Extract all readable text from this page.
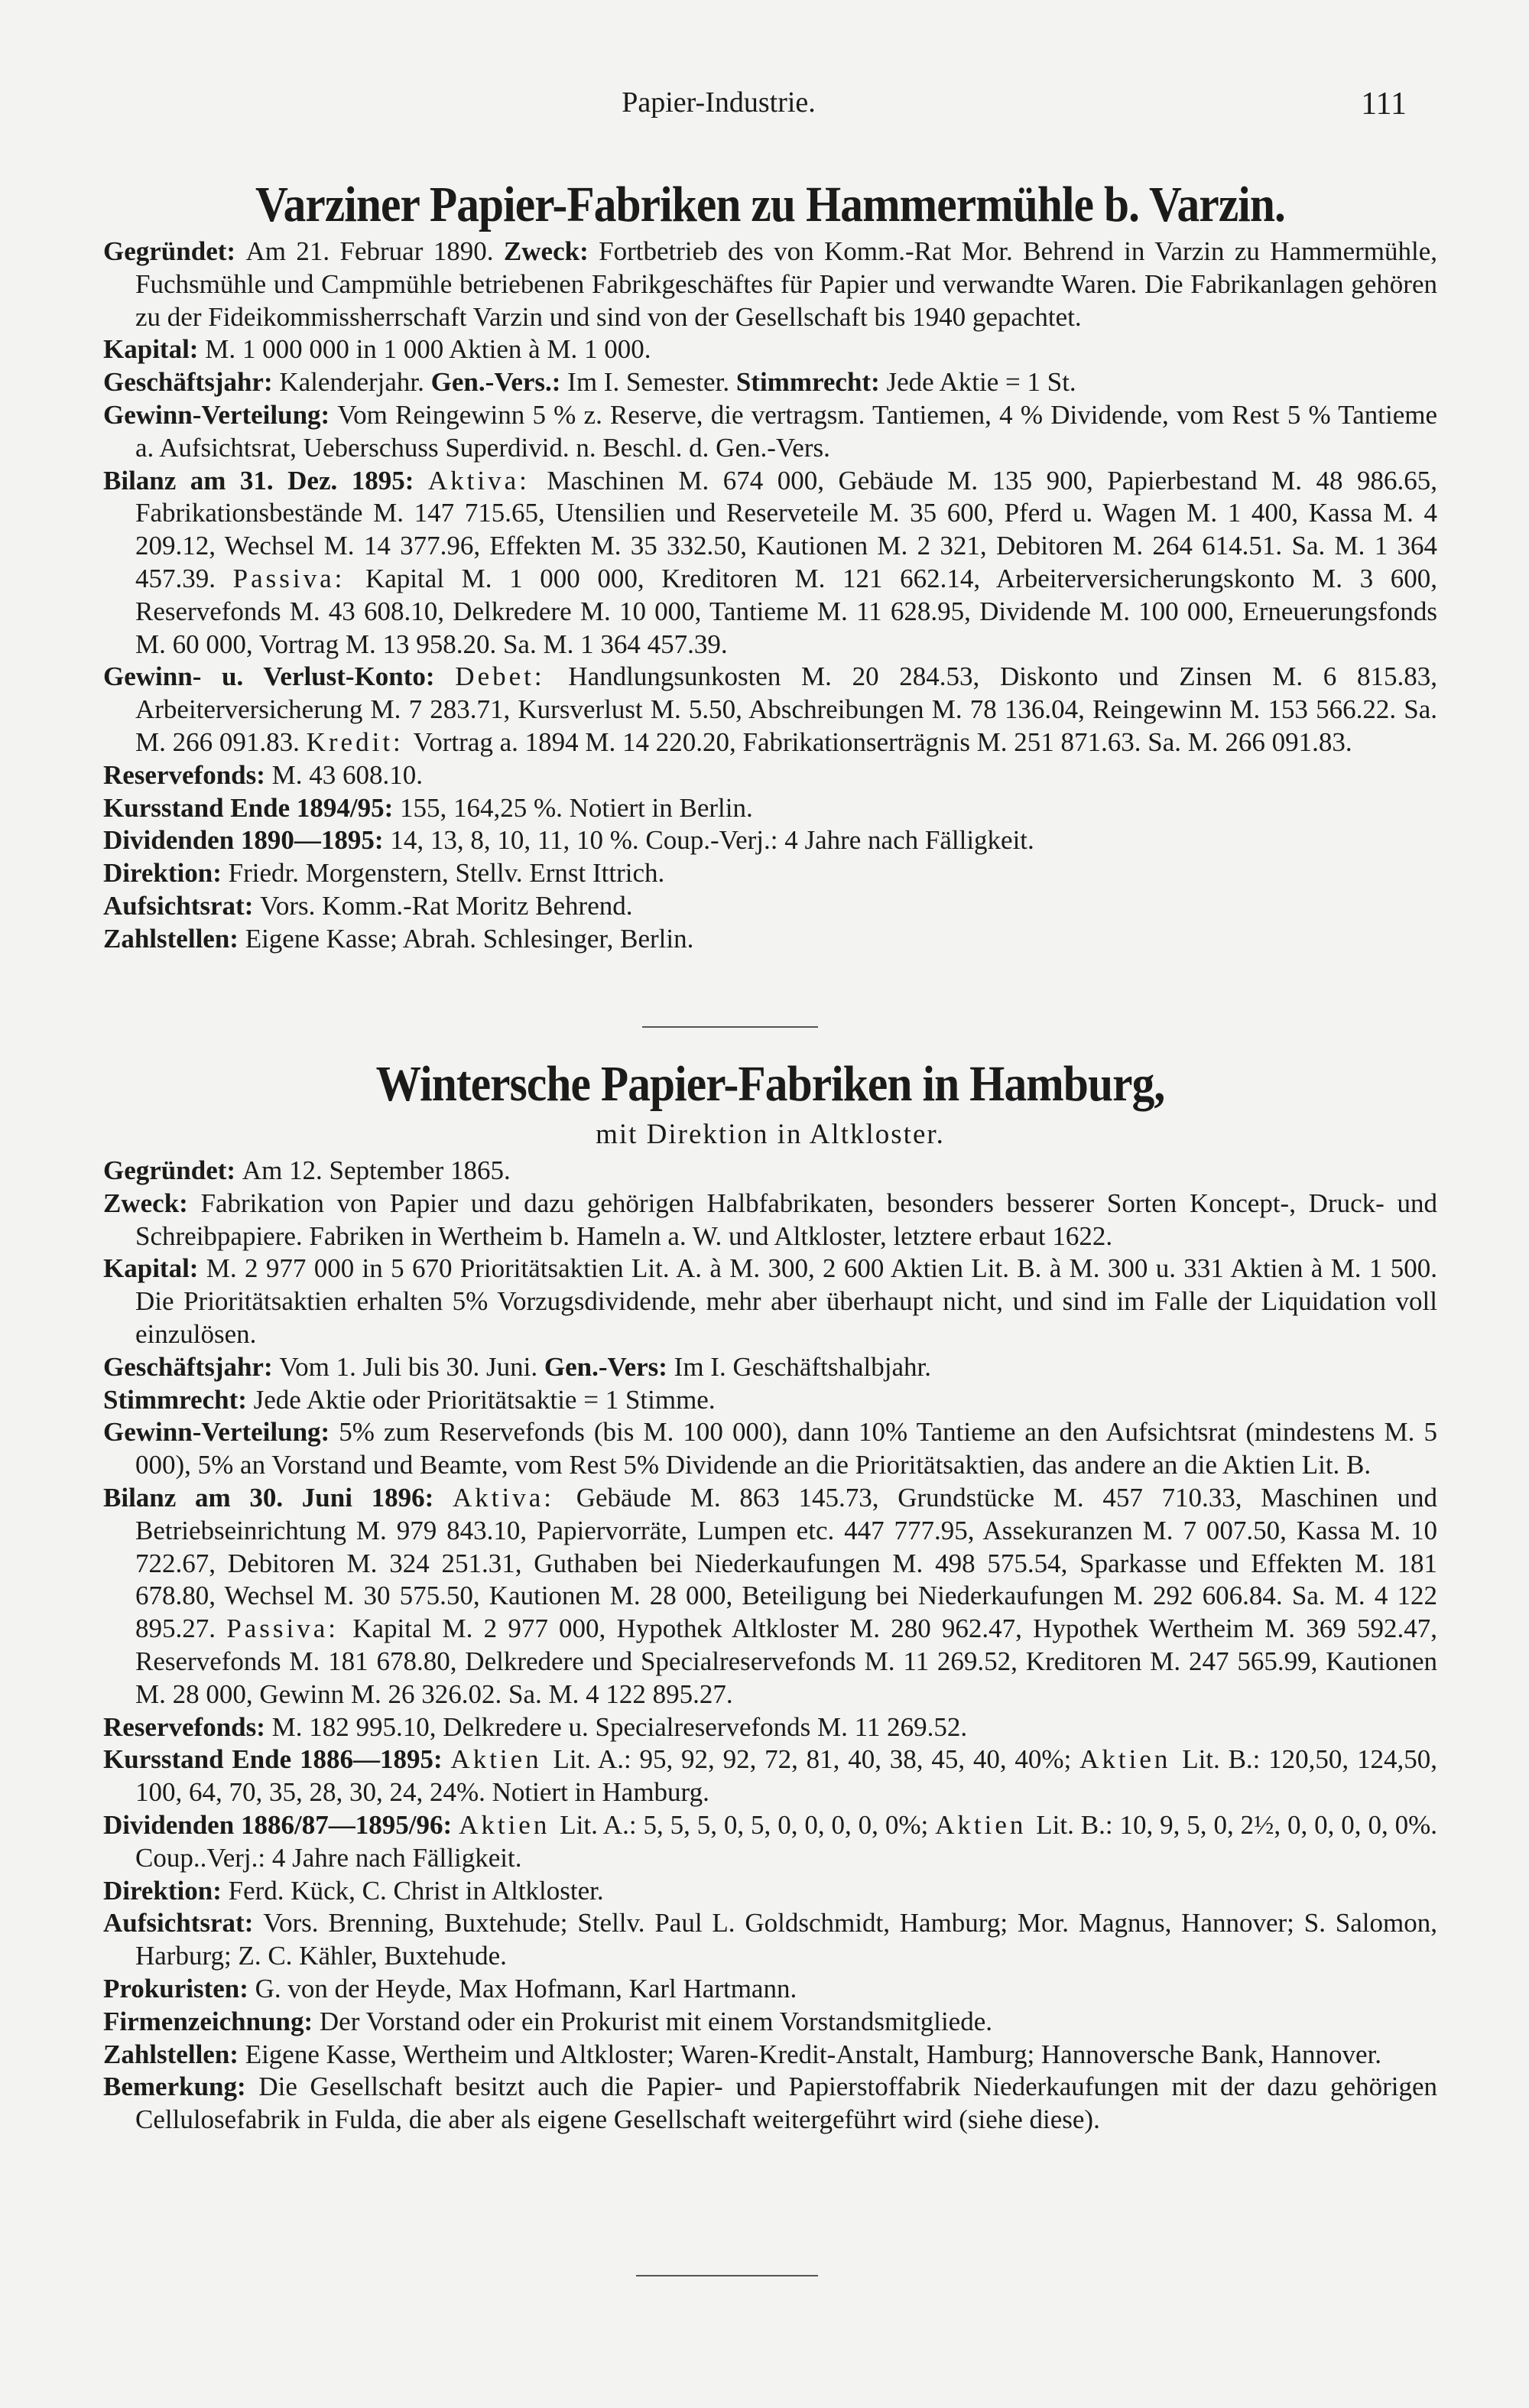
Papier-Industrie.	111
Varziner Papier-Fabriken zu Hammermühle b. Varzin.

Gegründet: Am 21. Februar 1890. Zweck: Fortbetrieb des von Komm.-Rat Mor. Behrend in Varzin zu Hammermühle, Fuchsmühle und Campmühle betriebenen Fabrikgeschäftes für Papier und verwandte Waren. Die Fabrikanlagen gehören zu der Fideikommissherrschaft Varzin und sind von der Gesellschaft bis 1940 gepachtet.

Kapital: M. 1 000 000 in 1 000 Aktien à M. 1 000.

Geschäftsjahr: Kalenderjahr. Gen.-Vers.: Im I. Semester. Stimmrecht: Jede Aktie = 1 St.

Gewinn-Verteilung: Vom Reingewinn 5 % z. Reserve, die vertragsm. Tantiemen, 4 % Dividende, vom Rest 5 % Tantieme a. Aufsichtsrat, Ueberschuss Superdivid. n. Beschl. d. Gen.-Vers.

Bilanz am 31. Dez. 1895: Aktiva: Maschinen M. 674 000, Gebäude M. 135 900, Papierbestand M. 48 986.65, Fabrikationsbestände M. 147 715.65, Utensilien und Reserveteile M. 35 600, Pferd u. Wagen M. 1 400, Kassa M. 4 209.12, Wechsel M. 14 377.96, Effekten M. 35 332.50, Kautionen M. 2 321, Debitoren M. 264 614.51. Sa. M. 1 364 457.39. Passiva: Kapital M. 1 000 000, Kreditoren M. 121 662.14, Arbeiterversicherungskonto M. 3 600, Reservefonds M. 43 608.10, Delkredere M. 10 000, Tantieme M. 11 628.95, Dividende M. 100 000, Erneuerungsfonds M. 60 000, Vortrag M. 13 958.20. Sa. M. 1 364 457.39.

Gewinn- u. Verlust-Konto: Debet: Handlungsunkosten M. 20 284.53, Diskonto und Zinsen M. 6 815.83, Arbeiterversicherung M. 7 283.71, Kursverlust M. 5.50, Abschreibungen M. 78 136.04, Reingewinn M. 153 566.22. Sa. M. 266 091.83. Kredit: Vortrag a. 1894 M. 14 220.20, Fabrikationserträgnis M. 251 871.63. Sa. M. 266 091.83.

Reservefonds: M. 43 608.10.

Kursstand Ende 1894/95: 155, 164,25 %. Notiert in Berlin.

Dividenden 1890—1895: 14, 13, 8, 10, 11, 10 %. Coup.-Verj.: 4 Jahre nach Fälligkeit.

Direktion: Friedr. Morgenstern, Stellv. Ernst Ittrich.

Aufsichtsrat: Vors. Komm.-Rat Moritz Behrend.

Zahlstellen: Eigene Kasse; Abrah. Schlesinger, Berlin.

Wintersche Papier-Fabriken in Hamburg,
mit Direktion in Altkloster.

Gegründet: Am 12. September 1865.

Zweck: Fabrikation von Papier und dazu gehörigen Halbfabrikaten, besonders besserer Sorten Koncept-, Druck- und Schreibpapiere. Fabriken in Wertheim b. Hameln a. W. und Altkloster, letztere erbaut 1622.

Kapital: M. 2 977 000 in 5 670 Prioritätsaktien Lit. A. à M. 300, 2 600 Aktien Lit. B. à M. 300 u. 331 Aktien à M. 1 500. Die Prioritätsaktien erhalten 5% Vorzugsdividende, mehr aber überhaupt nicht, und sind im Falle der Liquidation voll einzulösen.

Geschäftsjahr: Vom 1. Juli bis 30. Juni. Gen.-Vers: Im I. Geschäftshalbjahr.

Stimmrecht: Jede Aktie oder Prioritätsaktie = 1 Stimme.

Gewinn-Verteilung: 5% zum Reservefonds (bis M. 100 000), dann 10% Tantieme an den Aufsichtsrat (mindestens M. 5 000), 5% an Vorstand und Beamte, vom Rest 5% Dividende an die Prioritätsaktien, das andere an die Aktien Lit. B.

Bilanz am 30. Juni 1896: Aktiva: Gebäude M. 863 145.73, Grundstücke M. 457 710.33, Maschinen und Betriebseinrichtung M. 979 843.10, Papiervorräte, Lumpen etc. 447 777.95, Assekuranzen M. 7 007.50, Kassa M. 10 722.67, Debitoren M. 324 251.31, Guthaben bei Niederkaufungen M. 498 575.54, Sparkasse und Effekten M. 181 678.80, Wechsel M. 30 575.50, Kautionen M. 28 000, Beteiligung bei Niederkaufungen M. 292 606.84. Sa. M. 4 122 895.27. Passiva: Kapital M. 2 977 000, Hypothek Altkloster M. 280 962.47, Hypothek Wertheim M. 369 592.47, Reservefonds M. 181 678.80, Delkredere und Specialreservefonds M. 11 269.52, Kreditoren M. 247 565.99, Kautionen M. 28 000, Gewinn M. 26 326.02. Sa. M. 4 122 895.27.

Reservefonds: M. 182 995.10, Delkredere u. Specialreservefonds M. 11 269.52.

Kursstand Ende 1886—1895: Aktien Lit. A.: 95, 92, 92, 72, 81, 40, 38, 45, 40, 40%; Aktien Lit. B.: 120,50, 124,50, 100, 64, 70, 35, 28, 30, 24, 24%. Notiert in Hamburg.

Dividenden 1886/87—1895/96: Aktien Lit. A.: 5, 5, 5, 0, 5, 0, 0, 0, 0, 0%; Aktien Lit. B.: 10, 9, 5, 0, 2½, 0, 0, 0, 0, 0%. Coup..Verj.: 4 Jahre nach Fälligkeit.

Direktion: Ferd. Kück, C. Christ in Altkloster.

Aufsichtsrat: Vors. Brenning, Buxtehude; Stellv. Paul L. Goldschmidt, Hamburg; Mor. Magnus, Hannover; S. Salomon, Harburg; Z. C. Kähler, Buxtehude.

Prokuristen: G. von der Heyde, Max Hofmann, Karl Hartmann.

Firmenzeichnung: Der Vorstand oder ein Prokurist mit einem Vorstandsmitgliede.

Zahlstellen: Eigene Kasse, Wertheim und Altkloster; Waren-Kredit-Anstalt, Hamburg; Hannoversche Bank, Hannover.

Bemerkung: Die Gesellschaft besitzt auch die Papier- und Papierstoffabrik Niederkaufungen mit der dazu gehörigen Cellulosefabrik in Fulda, die aber als eigene Gesellschaft weitergeführt wird (siehe diese).
